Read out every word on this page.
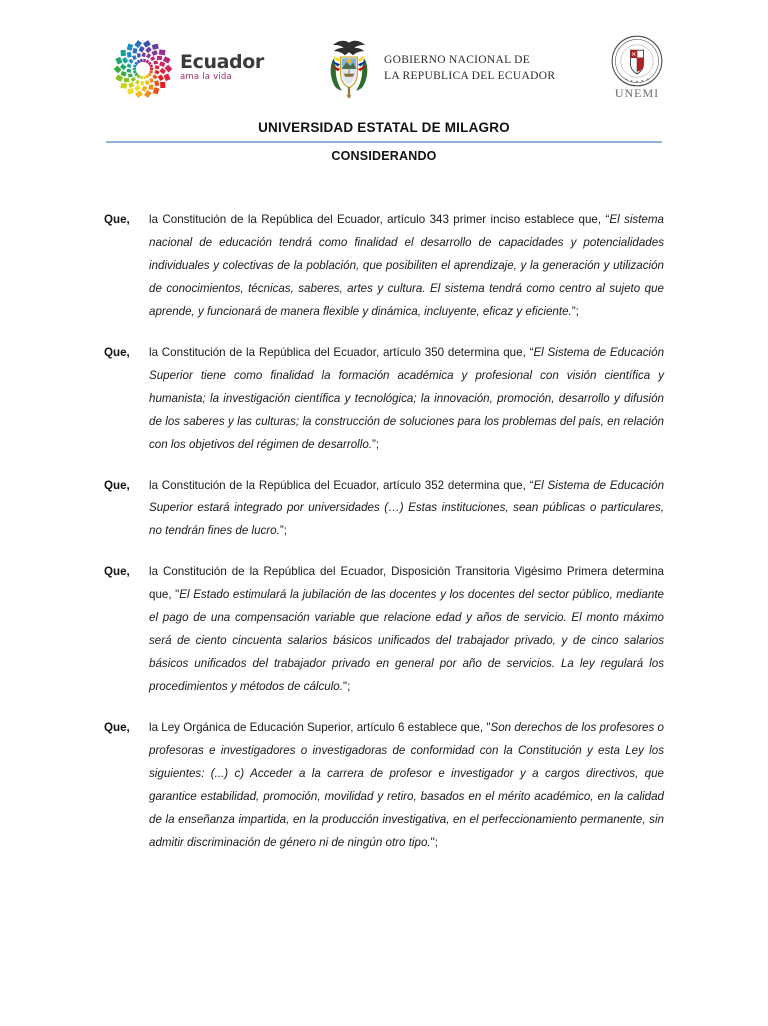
Ecuador
ama la vida
GOBIERNO NACIONAL DE
LA REPUBLICA DEL ECUADOR
UNEMI
UNIVERSIDAD ESTATAL DE MILAGRO
CONSIDERANDO
Que,	la Constitución de la República del Ecuador, artículo 343 primer inciso establece que, “El sistema nacional de educación tendrá como finalidad el desarrollo de capacidades y potencialidades individuales y colectivas de la población, que posibiliten el aprendizaje, y la generación y utilización de conocimientos, técnicas, saberes, artes y cultura. El sistema tendrá como centro al sujeto que aprende, y funcionará de manera flexible y dinámica, incluyente, eficaz y eficiente.”;
Que,	la Constitución de la República del Ecuador, artículo 350 determina que, “El Sistema de Educación Superior tiene como finalidad la formación académica y profesional con visión científica y humanista; la investigación científica y tecnológica; la innovación, promoción, desarrollo y difusión de los saberes y las culturas; la construcción de soluciones para los problemas del país, en relación con los objetivos del régimen de desarrollo.”;
Que,	la Constitución de la República del Ecuador, artículo 352 determina que, “El Sistema de Educación Superior estará integrado por universidades (…) Estas instituciones, sean públicas o particulares, no tendrán fines de lucro.”;
Que,	la Constitución de la República del Ecuador, Disposición Transitoria Vigésimo Primera determina que, "El Estado estimulará la jubilación de las docentes y los docentes del sector público, mediante el pago de una compensación variable que relacione edad y años de servicio. El monto máximo será de ciento cincuenta salarios básicos unificados del trabajador privado, y de cinco salarios básicos unificados del trabajador privado en general por año de servicios. La ley regulará los procedimientos y métodos de cálculo.";
Que,	la Ley Orgánica de Educación Superior, artículo 6 establece que, "Son derechos de los profesores o profesoras e investigadores o investigadoras de conformidad con la Constitución y esta Ley los siguientes: (...) c) Acceder a la carrera de profesor e investigador y a cargos directivos, que garantice estabilidad, promoción, movilidad y retiro, basados en el mérito académico, en la calidad de la enseñanza impartida, en la producción investigativa, en el perfeccionamiento permanente, sin admitir discriminación de género ni de ningún otro tipo.";
